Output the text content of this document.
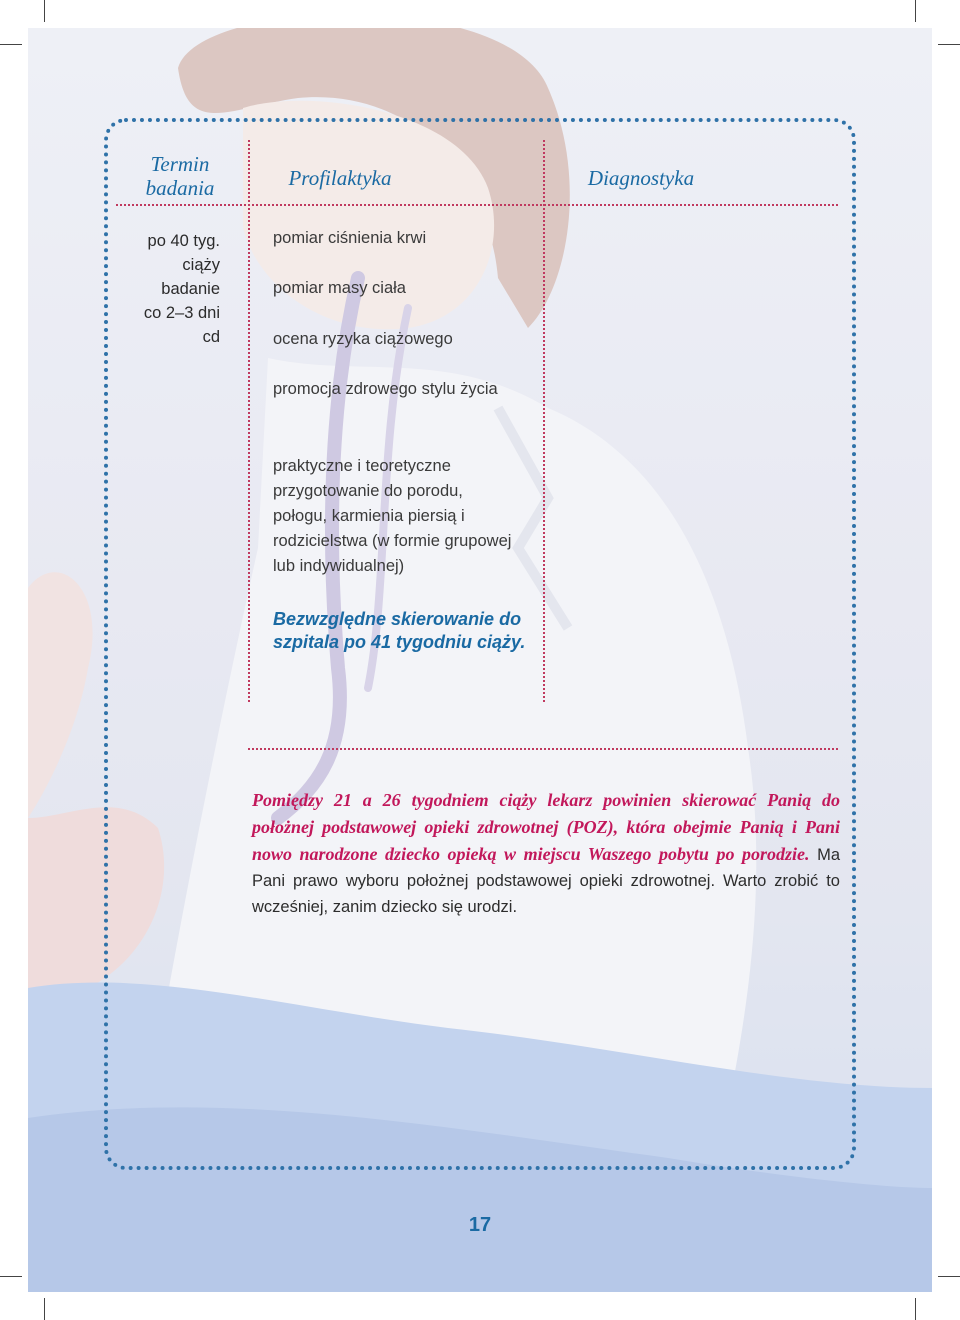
Termin badania	Profilaktyka	Diagnostyka
po 40 tyg.
ciąży
badanie
co 2–3 dni
cd
pomiar ciśnienia krwi
pomiar masy ciała
ocena ryzyka ciążowego
promocja zdrowego stylu życia
praktyczne i teoretyczne przygotowanie do porodu, połogu, karmienia piersią i rodzicielstwa (w formie grupowej lub indywidualnej)
Bezwzględne skierowanie do szpitala po 41 tygodniu ciąży.
Pomiędzy 21 a 26 tygodniem ciąży lekarz powinien skierować Panią do położnej podstawowej opieki zdrowotnej (POZ), która obejmie Panią i Pani nowo narodzone dziecko opieką w miejscu Waszego pobytu po porodzie. Ma Pani prawo wyboru położnej podstawowej opieki zdrowotnej. Warto zrobić to wcześniej, zanim dziecko się urodzi.
17
